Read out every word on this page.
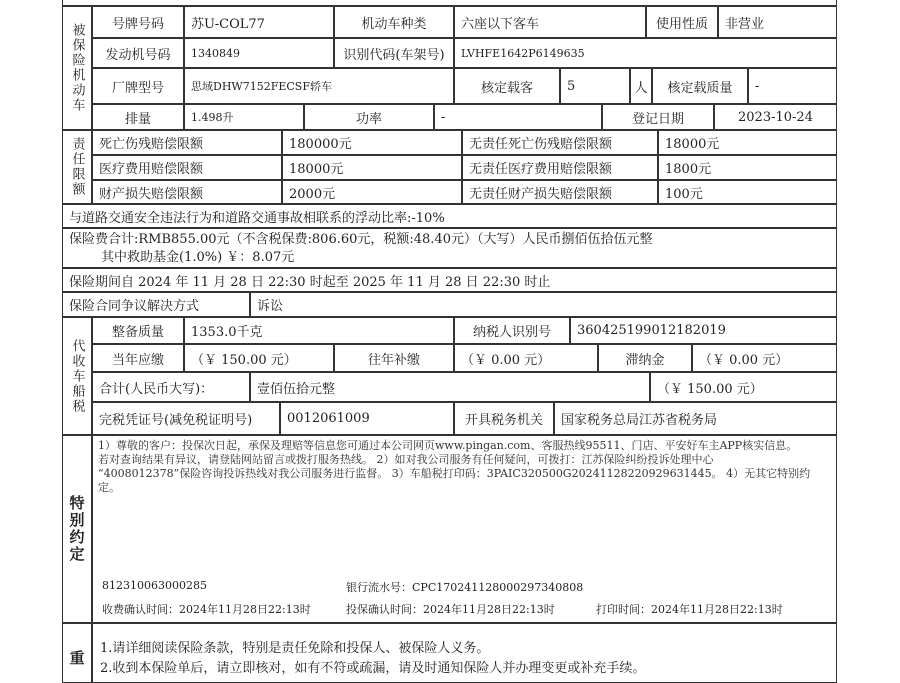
被保险机动车	号牌号码	苏U-COL77	机动车种类	六座以下客车	使用性质	非营业
发动机号码	1340849	识别代码(车架号)	LVHFE1642P6149635
厂牌型号	思域DHW7152FECSF轿车	核定载客	5	人	核定载质量	-
排量	1.498升	功率	-	登记日期	2023-10-24
责任限额	死亡伤残赔偿限额	180000元	无责任死亡伤残赔偿限额	18000元
医疗费用赔偿限额	18000元	无责任医疗费用赔偿限额	1800元
财产损失赔偿限额	2000元	无责任财产损失赔偿限额	100元
与道路交通安全违法行为和道路交通事故相联系的浮动比率:-10%
保险费合计:RMB855.00元（不含税保费:806.60元，税额:48.40元）（大写）人民币捌佰伍拾伍元整
其中救助基金(1.0%) ￥：8.07元
保险期间自 2024 年 11 月 28 日 22:30 时起至 2025 年 11 月 28 日 22:30 时止
保险合同争议解决方式	诉讼
代收车船税
整备质量	1353.0千克	纳税人识别号	360425199012182019
当年应缴	（￥ 150.00 元）	往年补缴	（￥ 0.00 元）	滞纳金	（￥ 0.00 元）
合计(人民币大写)：	壹佰伍拾元整	（￥ 150.00 元）
完税凭证号(减免税证明号)	0012061009	开具税务机关	国家税务总局江苏省税务局
特别约定
1）尊敬的客户：投保次日起，承保及理赔等信息您可通过本公司网页www.pingan.com、客服热线95511、门店、平安好车主APP核实信息。
若对查询结果有异议，请登陆网站留言或拨打服务热线。 2）如对我公司服务有任何疑问，可拨打：江苏保险纠纷投诉处理中心
“4008012378”保险咨询投诉热线对我公司服务进行监督。 3）车船税打印码：3PAIC320500G20241128220929631445。 4）无其它特别约
定。
812310063000285	银行流水号：CPC17024112800029734080​8
收费确认时间：2024年11月28日22:13时	投保确认时间：2024年11月28日22:13时	打印时间：2024年11月28日22:13时
重
1.请详细阅读保险条款，特别是责任免除和投保人、被保险人义务。
2.收到本保险单后，请立即核对，如有不符或疏漏，请及时通知保险人并办理变更或补充手续。
